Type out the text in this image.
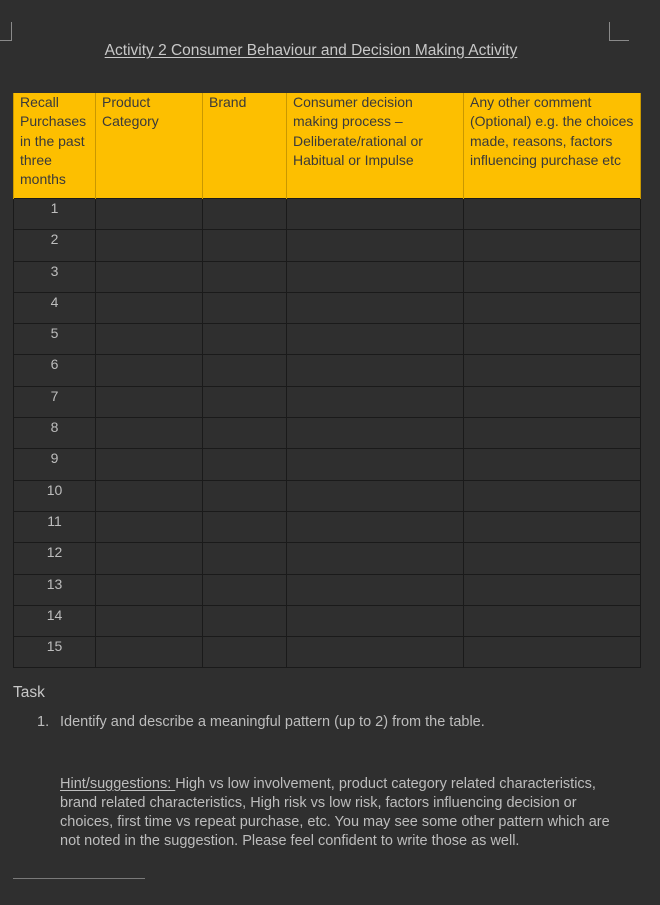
Activity 2 Consumer Behaviour and Decision Making Activity
Recall Purchases in the past three months	Product Category	Brand	Consumer decision making process – Deliberate/rational or Habitual or Impulse	Any other comment (Optional) e.g. the choices made, reasons, factors influencing purchase etc
1				
2				
3				
4				
5				
6				
7				
8				
9				
10				
11				
12				
13				
14				
15				
Task
1. Identify and describe a meaningful pattern (up to 2) from the table.
Hint/suggestions: High vs low involvement, product category related characteristics, brand related characteristics, High risk vs low risk, factors influencing decision or choices, first time vs repeat purchase, etc. You may see some other pattern which are not noted in the suggestion. Please feel confident to write those as well.
